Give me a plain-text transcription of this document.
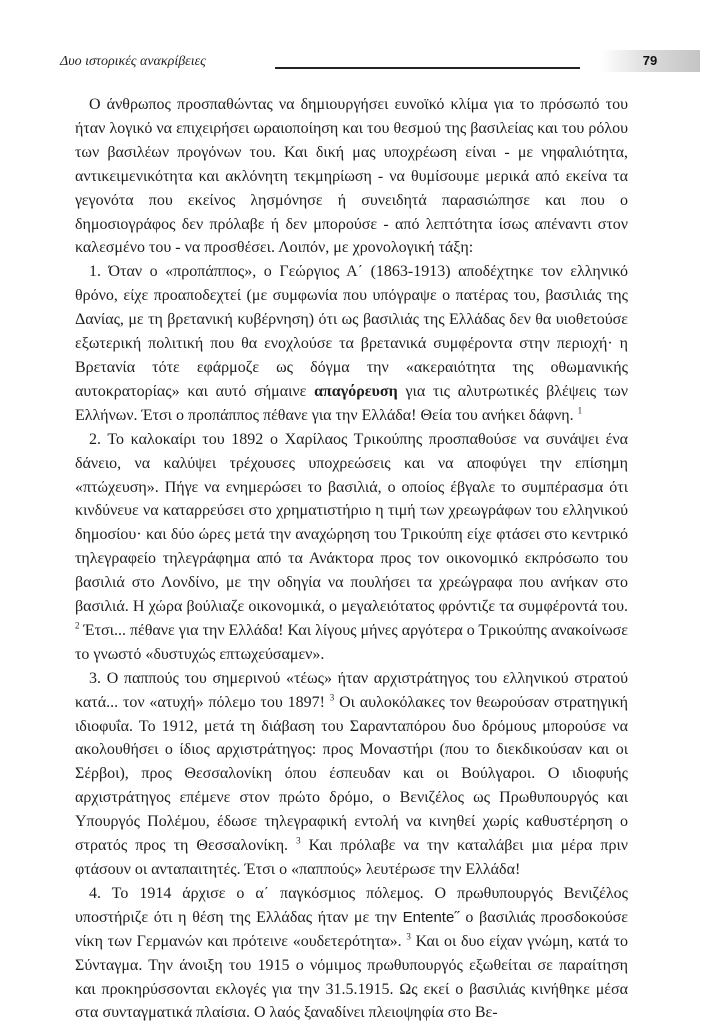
Δυο ιστορικές ανακρίβειες	79

Ο άνθρωπος προσπαθώντας να δημιουργήσει ευνοϊκό κλίμα για το πρόσωπό του ήταν λογικό να επιχειρήσει ωραιοποίηση και του θεσμού της βασιλείας και του ρόλου των βασιλέων προγόνων του. Και δική μας υποχρέωση είναι - με νηφαλιότητα, αντικειμενικότητα και ακλόνητη τεκμηρίωση - να θυμίσουμε μερικά από εκείνα τα γεγονότα που εκείνος λησμόνησε ή συνειδητά παρασιώπησε και που ο δημοσιογράφος δεν πρόλαβε ή δεν μπορούσε - από λεπτότητα ίσως απέναντι στον καλεσμένο του - να προσθέσει. Λοιπόν, με χρονολογική τάξη:

1. Όταν ο «προπάππος», ο Γεώργιος Α΄ (1863-1913) αποδέχτηκε τον ελληνικό θρόνο, είχε προαποδεχτεί (με συμφωνία που υπόγραψε ο πατέρας του, βασιλιάς της Δανίας, με τη βρετανική κυβέρνηση) ότι ως βασιλιάς της Ελλάδας δεν θα υιοθετούσε εξωτερική πολιτική που θα ενοχλούσε τα βρετανικά συμφέροντα στην περιοχή· η Βρετανία τότε εφάρμοζε ως δόγμα την «ακεραιότητα της οθωμανικής αυτοκρατορίας» και αυτό σήμαινε απαγόρευση για τις αλυτρωτικές βλέψεις των Ελλήνων. Έτσι ο προπάππος πέθανε για την Ελλάδα! Θεία του ανήκει δάφνη. $^1$

2. Το καλοκαίρι του 1892 ο Χαρίλαος Τρικούπης προσπαθούσε να συνάψει ένα δάνειο, να καλύψει τρέχουσες υποχρεώσεις και να αποφύγει την επίσημη «πτώχευση». Πήγε να ενημερώσει το βασιλιά, ο οποίος έβγαλε το συμπέρασμα ότι κινδύνευε να καταρρεύσει στο χρηματιστήριο η τιμή των χρεωγράφων του ελληνικού δημοσίου· και δύο ώρες μετά την αναχώρηση του Τρικούπη είχε φτάσει στο κεντρικό τηλεγραφείο τηλεγράφημα από τα Ανάκτορα προς τον οικονομικό εκπρόσωπο του βασιλιά στο Λονδίνο, με την οδηγία να πουλήσει τα χρεώγραφα που ανήκαν στο βασιλιά. Η χώρα βούλιαζε οικονομικά, ο μεγαλειότατος φρόντιζε τα συμφέροντά του. $^2$ Έτσι... πέθανε για την Ελλάδα! Και λίγους μήνες αργότερα ο Τρικούπης ανακοίνωσε το γνωστό «δυστυχώς επτωχεύσαμεν».

3. Ο παππούς του σημερινού «τέως» ήταν αρχιστράτηγος του ελληνικού στρατού κατά... τον «ατυχή» πόλεμο του 1897! $^3$ Οι αυλοκόλακες τον θεωρούσαν στρατηγική ιδιοφυΐα. Το 1912, μετά τη διάβαση του Σαρανταπόρου δυο δρόμους μπορούσε να ακολουθήσει ο ίδιος αρχιστράτηγος: προς Μοναστήρι (που το διεκδικούσαν και οι Σέρβοι), προς Θεσσαλονίκη όπου έσπευδαν και οι Βούλγαροι. Ο ιδιοφυής αρχιστράτηγος επέμενε στον πρώτο δρόμο, ο Βενιζέλος ως Πρωθυπουργός και Υπουργός Πολέμου, έδωσε τηλεγραφική εντολή να κινηθεί χωρίς καθυστέρηση ο στρατός προς τη Θεσσαλονίκη. $^3$ Και πρόλαβε να την καταλάβει μια μέρα πριν φτάσουν οι ανταπαιτητές. Έτσι ο «παππούς» λευτέρωσε την Ελλάδα!

4. Το 1914 άρχισε ο α΄ παγκόσμιος πόλεμος. Ο πρωθυπουργός Βενιζέλος υποστήριζε ότι η θέση της Ελλάδας ήταν με την Entente˝ ο βασιλιάς προσδοκούσε νίκη των Γερμανών και πρότεινε «ουδετερότητα». $^3$ Και οι δυο είχαν γνώμη, κατά το Σύνταγμα. Την άνοιξη του 1915 ο νόμιμος πρωθυπουργός εξωθείται σε παραίτηση και προκηρύσσονται εκλογές για την 31.5.1915. Ως εκεί ο βασιλιάς κινήθηκε μέσα στα συνταγματικά πλαίσια. Ο λαός ξαναδίνει πλειοψηφία στο Βε-
